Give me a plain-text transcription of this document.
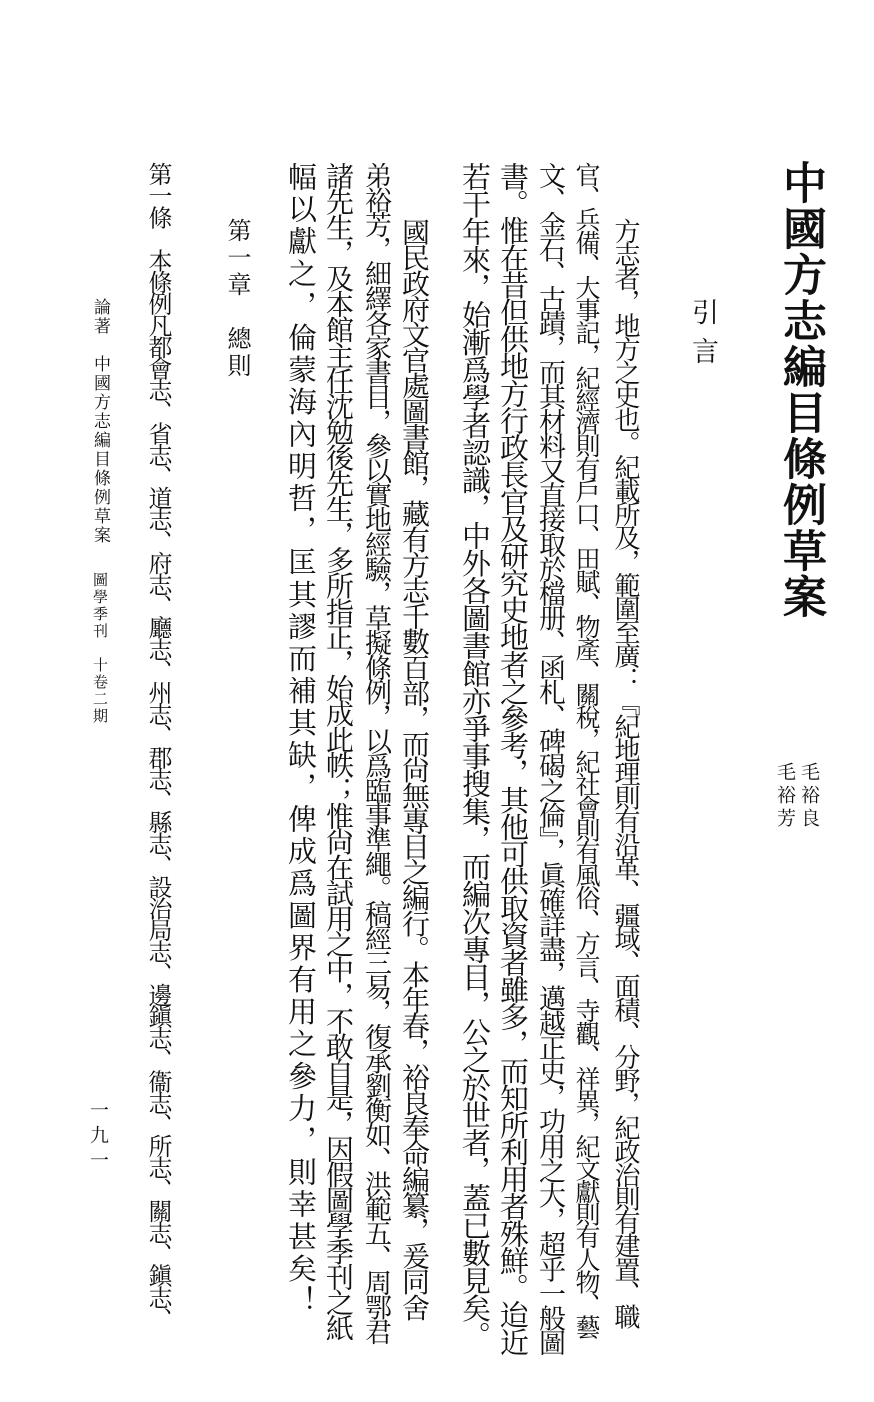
中國方志編目條例草案
毛裕良
毛裕芳
引言
方志者，地方之史也。紀載所及，範圍至廣：『紀地理則有沿革、疆域、面積、分野，紀政治則有建置、職
官、兵備、大事記，紀經濟則有戶口、田賦、物產、關稅，紀社會則有風俗、方言、寺觀、祥異，紀文獻則有人物、藝
文、金石、古蹟，而其材料又直接取於檔册、函札、碑碣之倫』，眞確詳盡，邁越正史，功用之大，超乎一般圖
書。惟在昔但供地方行政長官及研究史地者之參考，其他可供取資者雖多，而知所利用者殊鮮。迨近
若干年來，始漸爲學者認識，中外各圖書館亦爭事搜集，而編次專目，公之於世者，蓋已數見矣。
國民政府文官處圖書館，藏有方志千數百部，而尙無專目之編行。本年春，裕良奉命編纂，爰同舍
弟裕芳，細繹各家書目，參以實地經驗，草擬條例，以爲臨事準繩。稿經三易，復承劉衡如、洪範五、周鄂君
諸先生，及本館主任沈勉後先生，多所指正，始成此帙；惟尙在試用之中，不敢自是，因假圖學季刊之紙
幅以獻之，倫蒙海內明哲，匡其謬而補其缺，俾成爲圖界有用之參力，則幸甚矣！
第一章　總則
第一條　本條例凡都會志、省志、道志、府志、廳志、州志、郡志、縣志、設治局志、邊鎭志、衞志、所志、關志、鎭志、
論著　中國方志編目條例草案
圖學季刊　十卷二期
一九一
